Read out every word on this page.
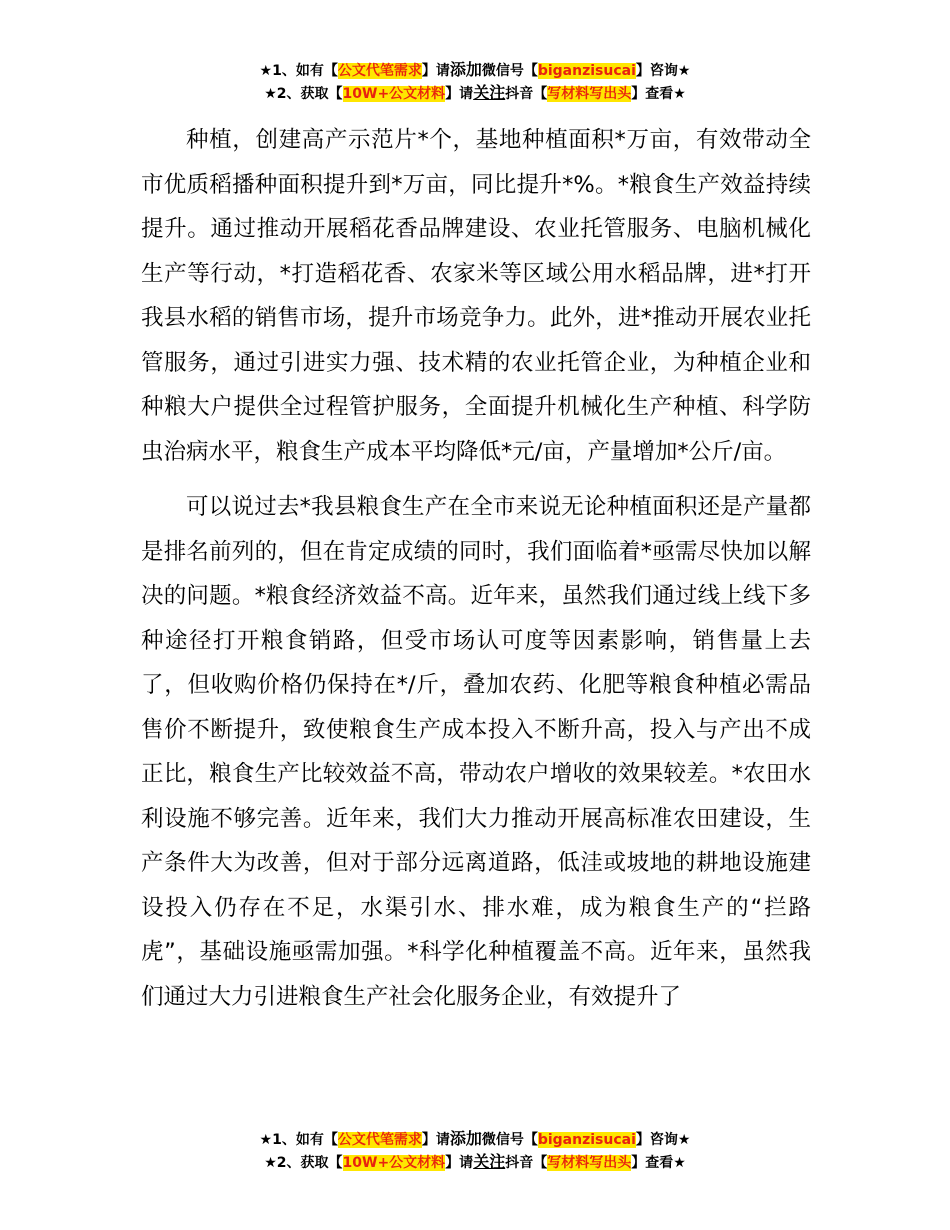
★1、如有【公文代笔需求】请添加微信号【biganzisucai】咨询★
★2、获取【10W+公文材料】请关注抖音【写材料写出头】查看★

种植，创建高产示范片*个，基地种植面积*万亩，有效带动全市优质稻播种面积提升到*万亩，同比提升*%。*粮食生产效益持续提升。通过推动开展稻花香品牌建设、农业托管服务、电脑机械化生产等行动，*打造稻花香、农家米等区域公用水稻品牌，进*打开我县水稻的销售市场，提升市场竞争力。此外，进*推动开展农业托管服务，通过引进实力强、技术精的农业托管企业，为种植企业和种粮大户提供全过程管护服务，全面提升机械化生产种植、科学防虫治病水平，粮食生产成本平均降低*元/亩，产量增加*公斤/亩。

可以说过去*我县粮食生产在全市来说无论种植面积还是产量都是排名前列的，但在肯定成绩的同时，我们面临着*亟需尽快加以解决的问题。*粮食经济效益不高。近年来，虽然我们通过线上线下多种途径打开粮食销路，但受市场认可度等因素影响，销售量上去了，但收购价格仍保持在*/斤，叠加农药、化肥等粮食种植必需品售价不断提升，致使粮食生产成本投入不断升高，投入与产出不成正比，粮食生产比较效益不高，带动农户增收的效果较差。*农田水利设施不够完善。近年来，我们大力推动开展高标准农田建设，生产条件大为改善，但对于部分远离道路，低洼或坡地的耕地设施建设投入仍存在不足，水渠引水、排水难，成为粮食生产的“拦路虎”，基础设施亟需加强。*科学化种植覆盖不高。近年来，虽然我们通过大力引进粮食生产社会化服务企业，有效提升了

★1、如有【公文代笔需求】请添加微信号【biganzisucai】咨询★
★2、获取【10W+公文材料】请关注抖音【写材料写出头】查看★
